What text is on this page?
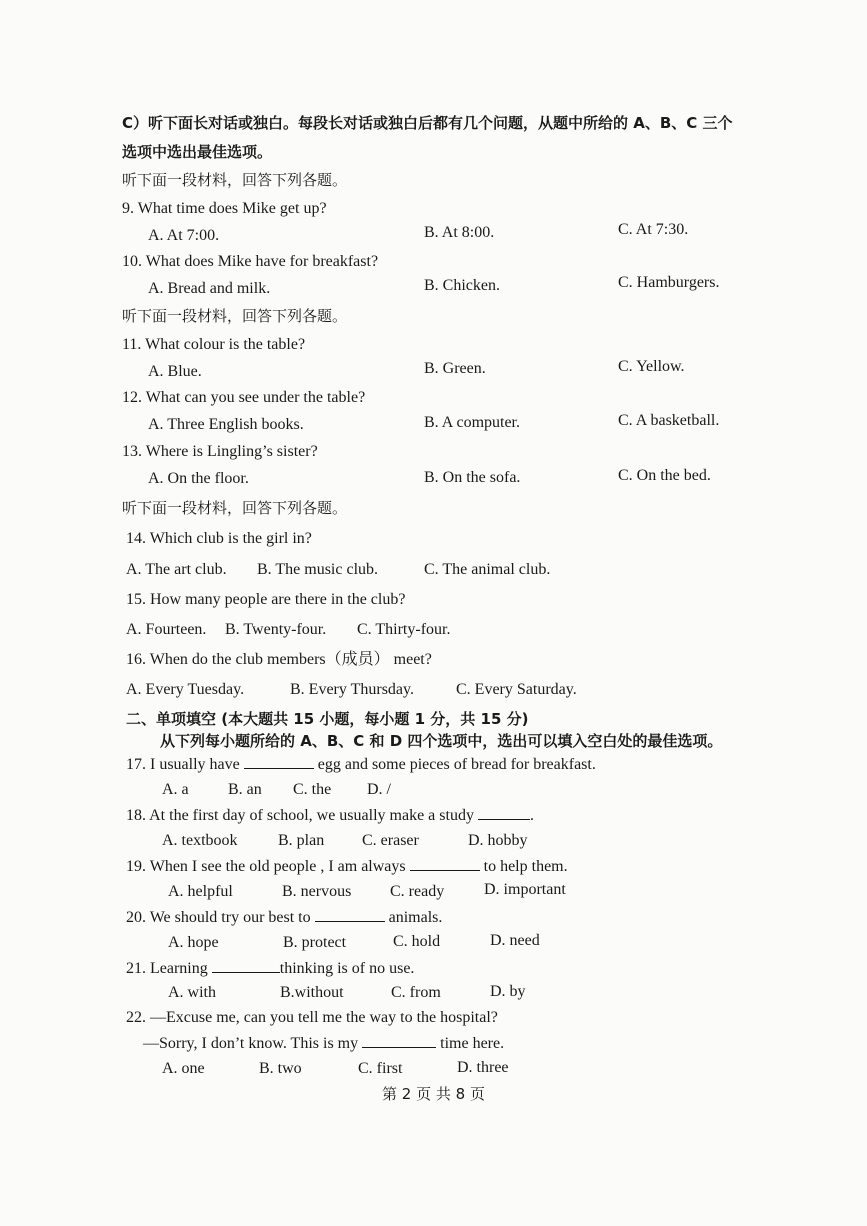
C）听下面长对话或独白。每段长对话或独白后都有几个问题，从题中所给的 A、B、C 三个
选项中选出最佳选项。
听下面一段材料，回答下列各题。
9. What time does Mike get up?
A. At 7:00.	B. At 8:00.	C. At 7:30.
10. What does Mike have for breakfast?
A. Bread and milk.	B. Chicken.	C. Hamburgers.
听下面一段材料，回答下列各题。
11. What colour is the table?
A. Blue.	B. Green.	C. Yellow.
12. What can you see under the table?
A. Three English books.	B. A computer.	C. A basketball.
13. Where is Lingling’s sister?
A. On the floor.	B. On the sofa.	C. On the bed.
听下面一段材料，回答下列各题。
14. Which club is the girl in?
A. The art club. B. The music club.	C. The animal club.
15. How many people are there in the club?
A. Fourteen. B. Twenty-four. C. Thirty-four.
16. When do the club members（成员） meet?
A. Every Tuesday.	B. Every Thursday.	C. Every Saturday.
二、单项填空 (本大题共 15 小题，每小题 1 分，共 15 分)
从下列每小题所给的 A、B、C 和 D 四个选项中，选出可以填入空白处的最佳选项。
17. I usually have	egg and some pieces of bread for breakfast.
A. a B. an C. the D. /
18. At the first day of school, we usually make a study	.
A. textbook	B. plan C. eraser	D. hobby
19. When I see the old people , I am always	to help them.
A. helpful	B. nervous C. ready D. important
20. We should try our best to	animals.
A. hope	B. protect	C. hold	D. need
21. Learning	thinking is of no use.
A. with	B.without	C. from	D. by
22. —Excuse me, can you tell me the way to the hospital?
—Sorry, I don’t know. This is my	time here.
A. one	B. two	C. first	D. three
第 2 页 共 8 页
